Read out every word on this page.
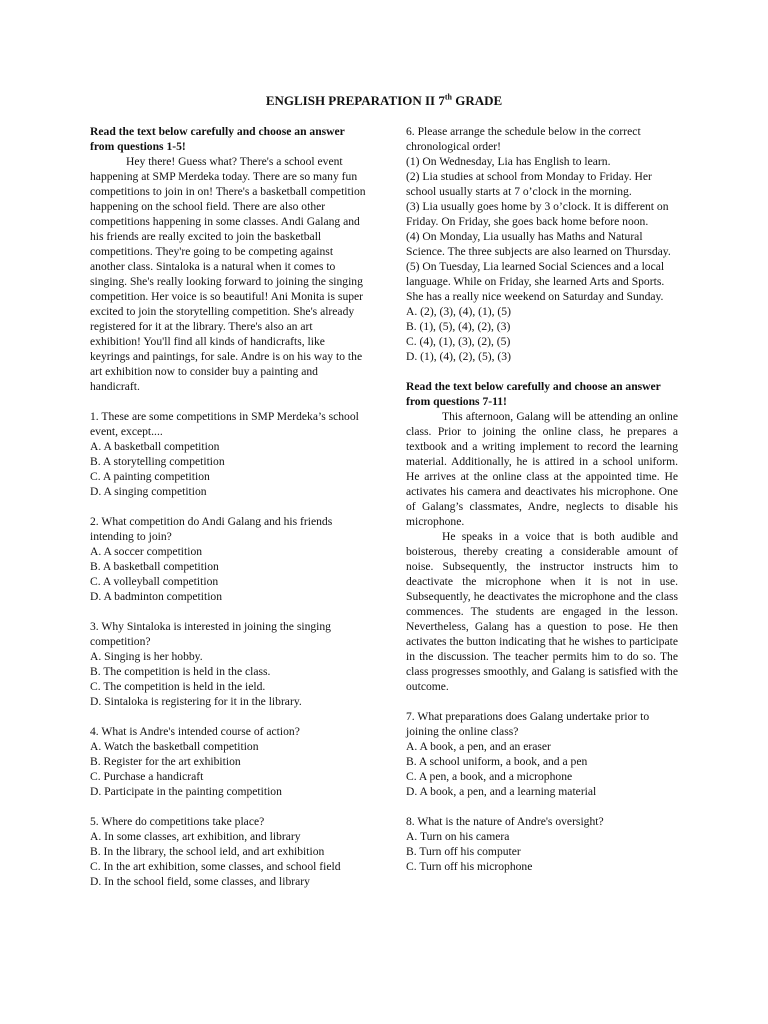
ENGLISH PREPARATION II 7th GRADE

Read the text below carefully and choose an answer from questions 1-5!

Hey there! Guess what? There's a school event happening at SMP Merdeka today. There are so many fun competitions to join in on! There's a basketball competition happening on the school field. There are also other competitions happening in some classes. Andi Galang and his friends are really excited to join the basketball competitions. They're going to be competing against another class. Sintaloka is a natural when it comes to singing. She's really looking forward to joining the singing competition. Her voice is so beautiful! Ani Monita is super excited to join the storytelling competition. She's already registered for it at the library. There's also an art exhibition! You'll find all kinds of handicrafts, like keyrings and paintings, for sale. Andre is on his way to the art exhibition now to consider buy a painting and handicraft.

1. These are some competitions in SMP Merdeka’s school event, except....

A. A basketball competition

B. A storytelling competition

C. A painting competition

D. A singing competition

2. What competition do Andi Galang and his friends intending to join?

A. A soccer competition

B. A basketball competition

C. A volleyball competition

D. A badminton competition

3. Why Sintaloka is interested in joining the singing competition?

A. Singing is her hobby.

B. The competition is held in the class.

C. The competition is held in the ield.

D. Sintaloka is registering for it in the library.

4. What is Andre's intended course of action?

A. Watch the basketball competition

B. Register for the art exhibition

C. Purchase a handicraft

D. Participate in the painting competition

5. Where do competitions take place?

A. In some classes, art exhibition, and library

B. In the library, the school ield, and art exhibition

C. In the art exhibition, some classes, and school field

D. In the school field, some classes, and library

6. Please arrange the schedule below in the correct chronological order!

(1) On Wednesday, Lia has English to learn.

(2) Lia studies at school from Monday to Friday. Her school usually starts at 7 o’clock in the morning.

(3) Lia usually goes home by 3 o’clock. It is different on Friday. On Friday, she goes back home before noon.

(4) On Monday, Lia usually has Maths and Natural Science. The three subjects are also learned on Thursday.

(5) On Tuesday, Lia learned Social Sciences and a local language. While on Friday, she learned Arts and Sports. She has a really nice weekend on Saturday and Sunday.

A. (2), (3), (4), (1), (5)

B. (1), (5), (4), (2), (3)

C. (4), (1), (3), (2), (5)

D. (1), (4), (2), (5), (3)

Read the text below carefully and choose an answer from questions 7-11!

This afternoon, Galang will be attending an online class. Prior to joining the online class, he prepares a textbook and a writing implement to record the learning material. Additionally, he is attired in a school uniform. He arrives at the online class at the appointed time. He activates his camera and deactivates his microphone. One of Galang’s classmates, Andre, neglects to disable his microphone.

He speaks in a voice that is both audible and boisterous, thereby creating a considerable amount of noise. Subsequently, the instructor instructs him to deactivate the microphone when it is not in use. Subsequently, he deactivates the microphone and the class commences. The students are engaged in the lesson. Nevertheless, Galang has a question to pose. He then activates the button indicating that he wishes to participate in the discussion. The teacher permits him to do so. The class progresses smoothly, and Galang is satisfied with the outcome.

7. What preparations does Galang undertake prior to joining the online class?

A. A book, a pen, and an eraser

B. A school uniform, a book, and a pen

C. A pen, a book, and a microphone

D. A book, a pen, and a learning material

8. What is the nature of Andre's oversight?

A. Turn on his camera

B. Turn off his computer

C. Turn off his microphone
